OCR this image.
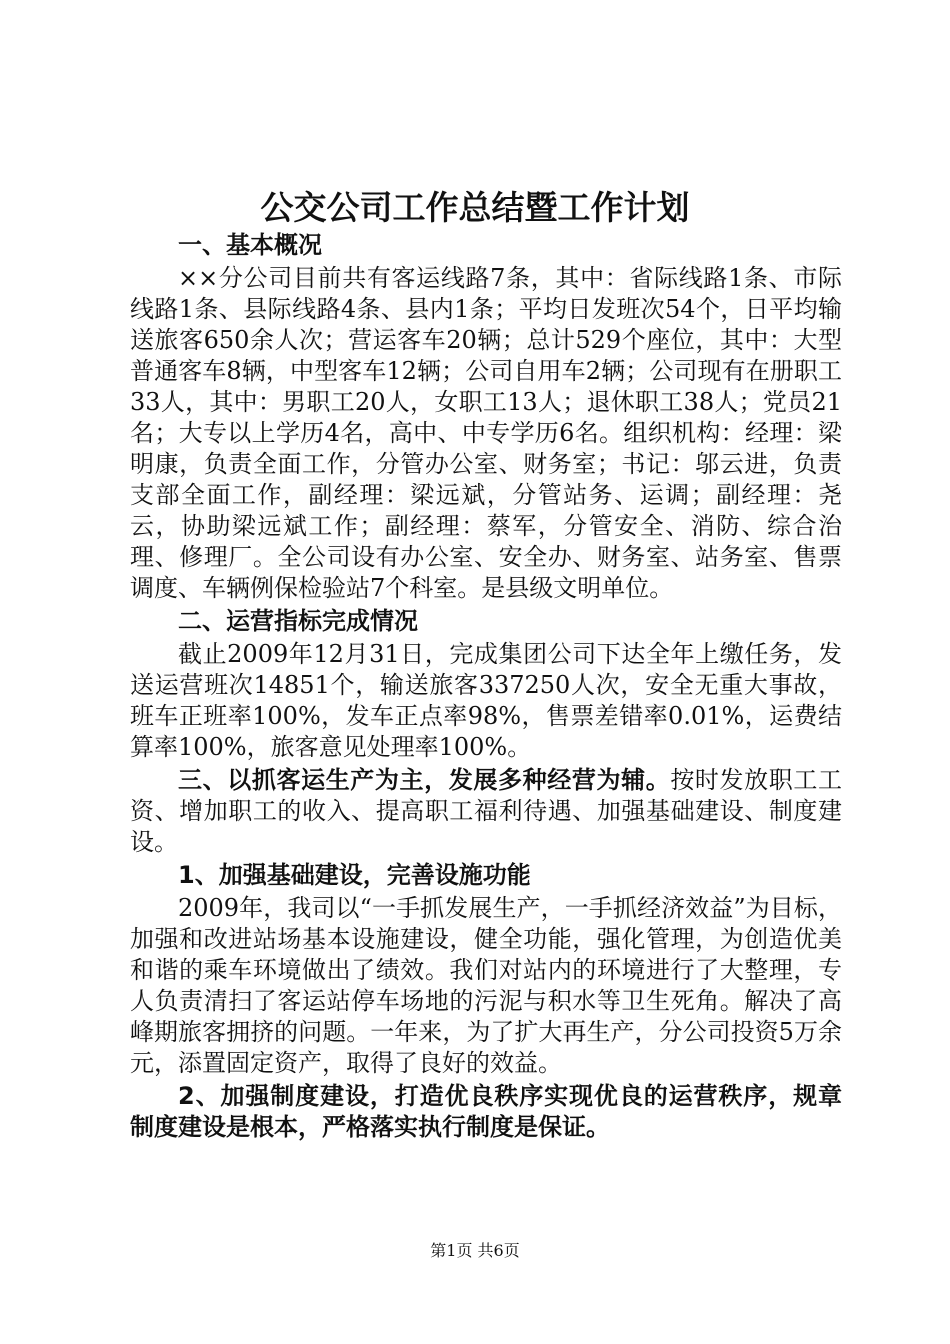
公交公司工作总结暨工作计划

一、基本概况

××分公司目前共有客运线路7条，其中：省际线路1条、市际线路1条、县际线路4条、县内1条；平均日发班次54个，日平均输送旅客650余人次；营运客车20辆；总计529个座位，其中：大型普通客车8辆，中型客车12辆；公司自用车2辆；公司现有在册职工33人，其中：男职工20人，女职工13人；退休职工38人；党员21名；大专以上学历4名，高中、中专学历6名。组织机构：经理：梁明康，负责全面工作，分管办公室、财务室；书记：邬云进，负责支部全面工作，副经理：梁远斌，分管站务、运调；副经理：尧云，协助梁远斌工作；副经理：蔡军，分管安全、消防、综合治理、修理厂。全公司设有办公室、安全办、财务室、站务室、售票调度、车辆例保检验站7个科室。是县级文明单位。

二、运营指标完成情况

截止2009年12月31日，完成集团公司下达全年上缴任务，发送运营班次14851个，输送旅客337250人次，安全无重大事故，班车正班率100%，发车正点率98%，售票差错率0.01%，运费结算率100%，旅客意见处理率100%。

三、以抓客运生产为主，发展多种经营为辅。按时发放职工工资、增加职工的收入、提高职工福利待遇、加强基础建设、制度建设。

1、加强基础建设，完善设施功能

2009年，我司以“一手抓发展生产，一手抓经济效益”为目标，加强和改进站场基本设施建设，健全功能，强化管理，为创造优美和谐的乘车环境做出了绩效。我们对站内的环境进行了大整理，专人负责清扫了客运站停车场地的污泥与积水等卫生死角。解决了高峰期旅客拥挤的问题。一年来，为了扩大再生产，分公司投资5万余元，添置固定资产，取得了良好的效益。

2、加强制度建设，打造优良秩序实现优良的运营秩序，规章制度建设是根本，严格落实执行制度是保证。

第1页 共6页
